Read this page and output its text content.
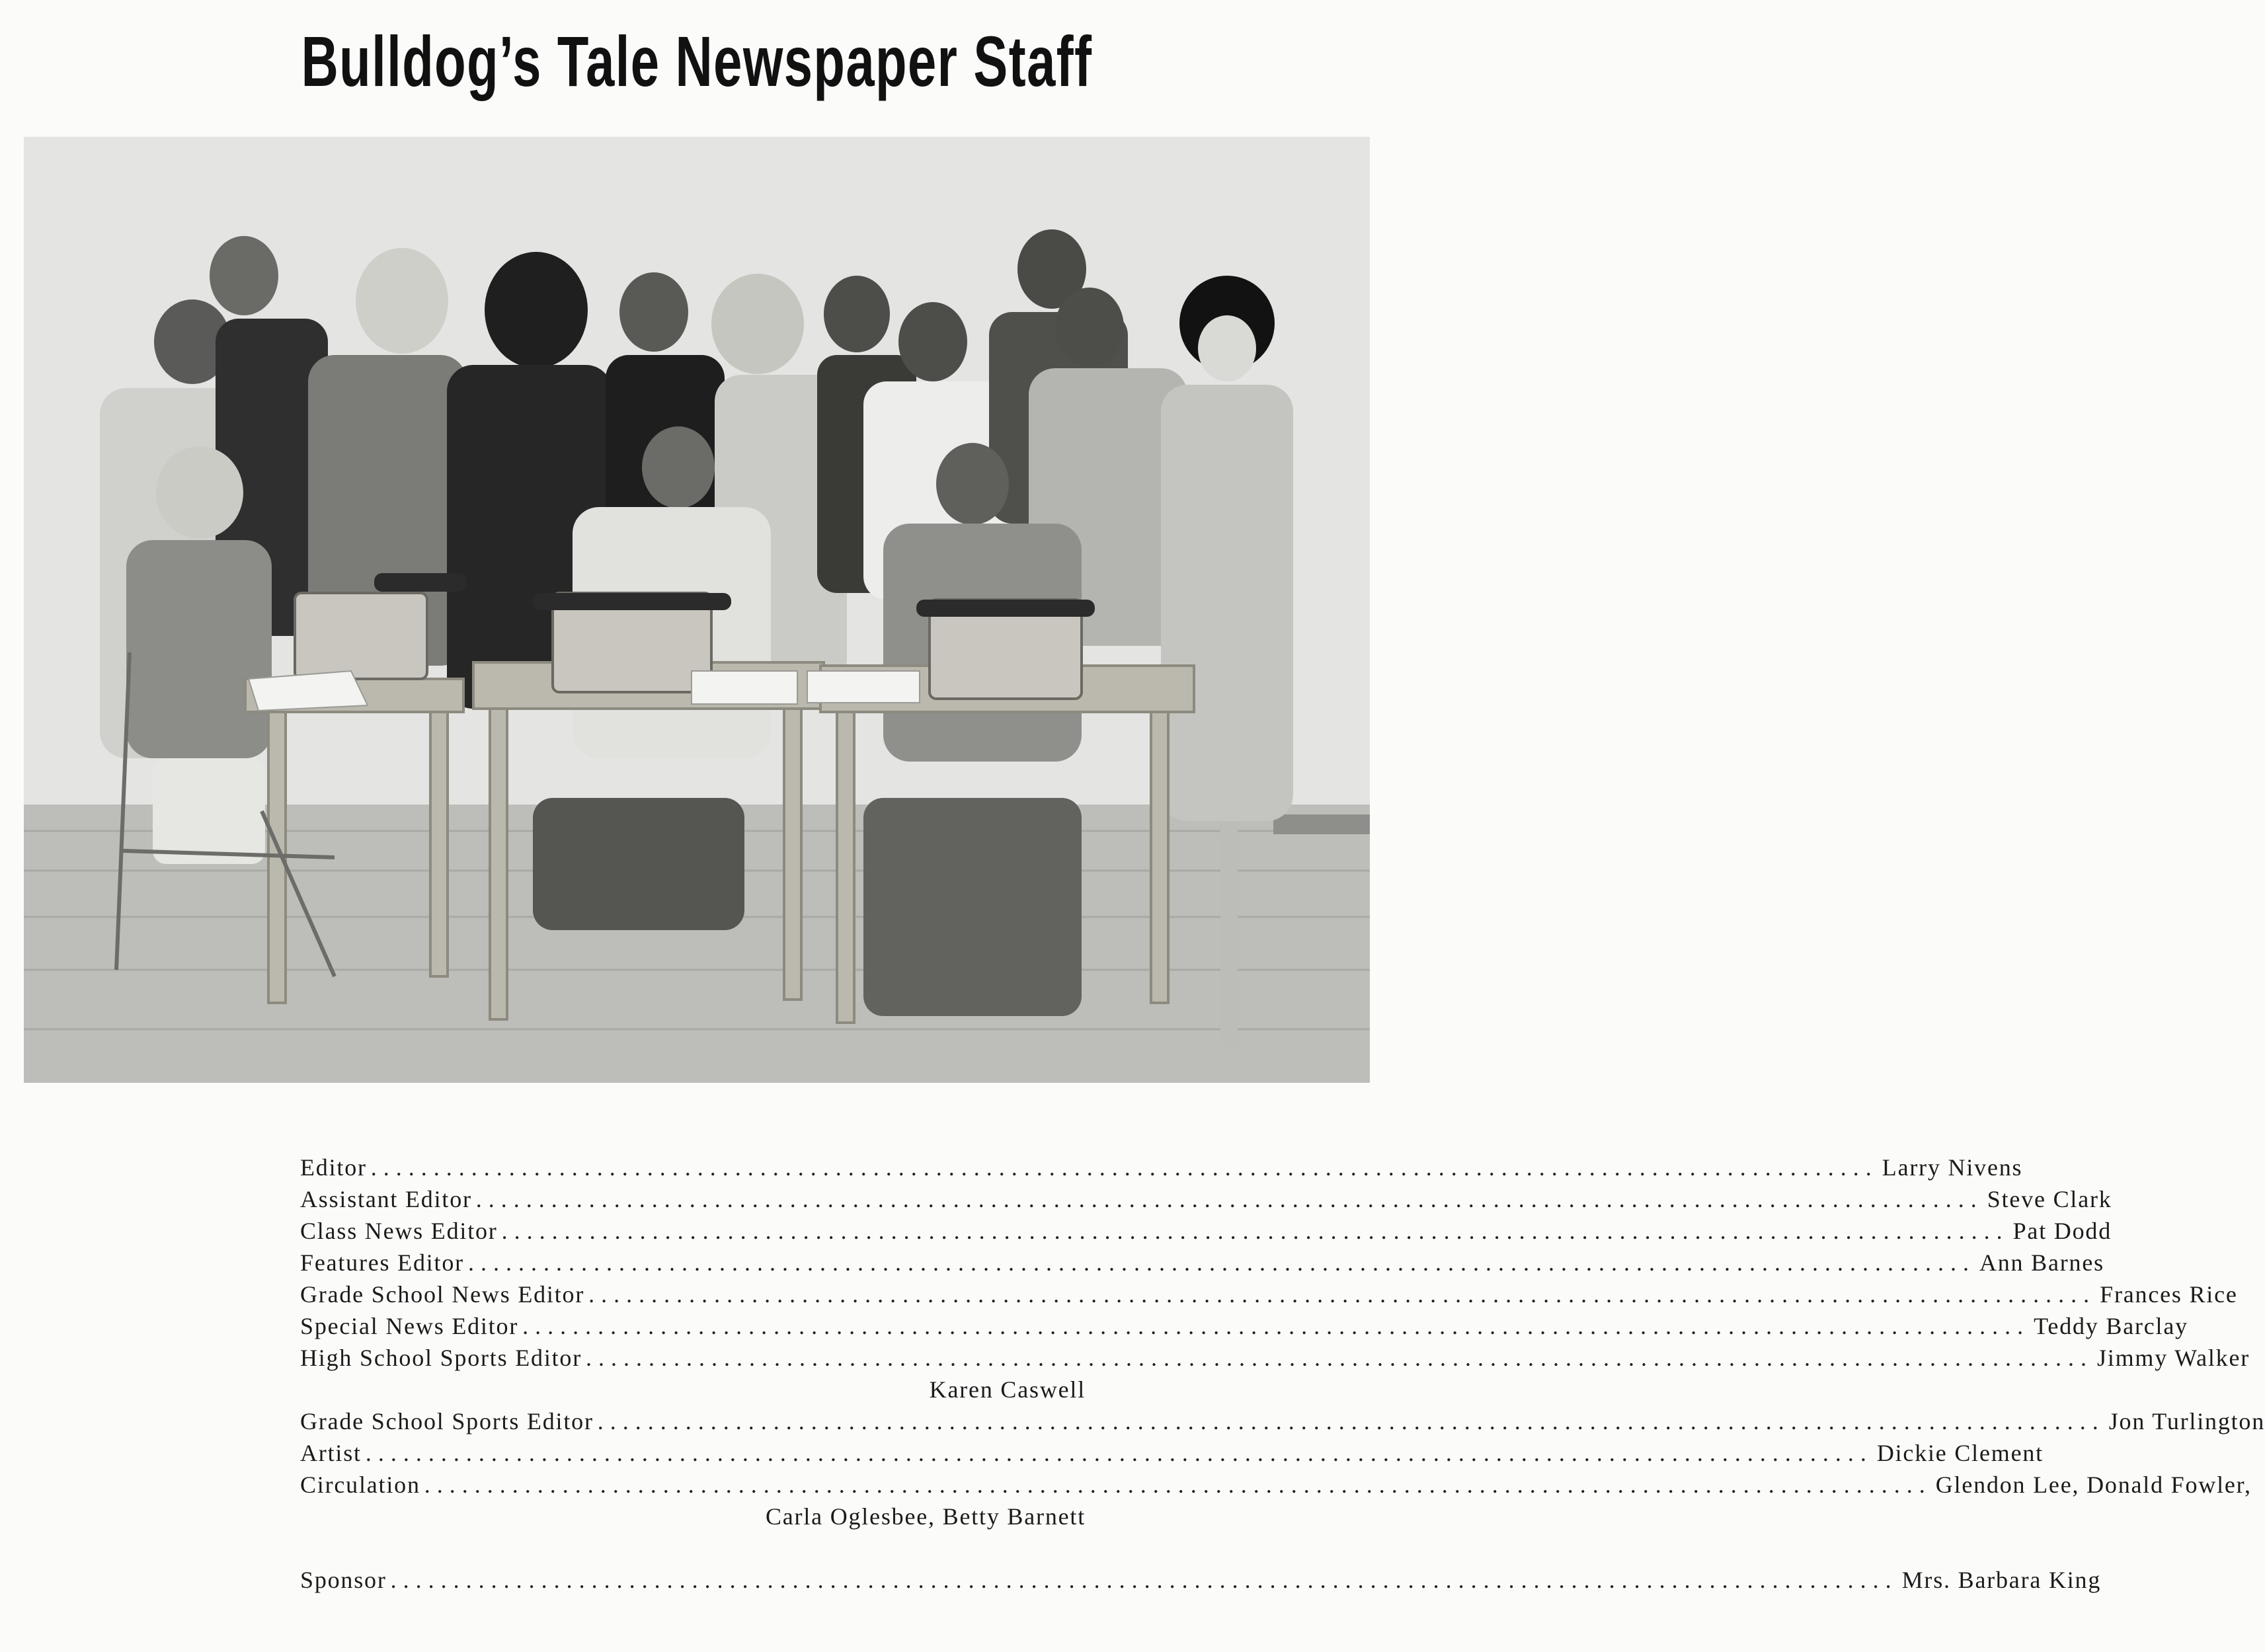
Bulldog’s Tale Newspaper Staff
Editor ........................................................................................................................ Larry Nivens
Assistant Editor ........................................................................................................................ Steve Clark
Class News Editor ........................................................................................................................ Pat Dodd
Features Editor ........................................................................................................................ Ann Barnes
Grade School News Editor ........................................................................................................................ Frances Rice
Special News Editor ........................................................................................................................ Teddy Barclay
High School Sports Editor ........................................................................................................................ Jimmy Walker
Karen Caswell
Grade School Sports Editor ........................................................................................................................ Jon Turlington
Artist ........................................................................................................................ Dickie Clement
Circulation ........................................................................................................................ Glendon Lee, Donald Fowler,
Carla Oglesbee, Betty Barnett
Sponsor ........................................................................................................................ Mrs. Barbara King
